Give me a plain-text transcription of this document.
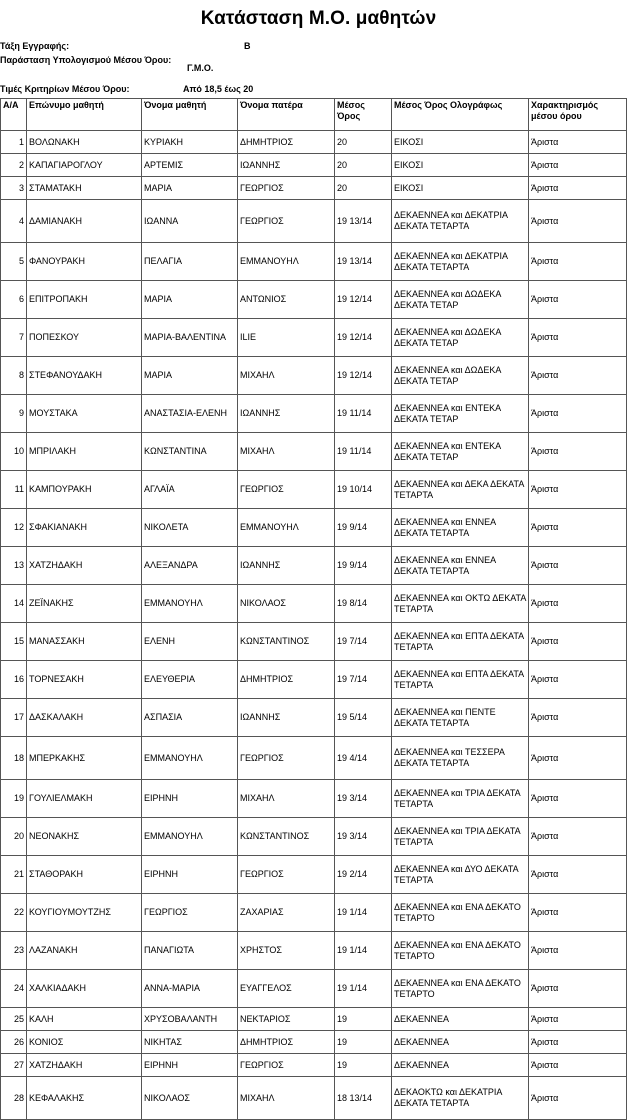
Κατάσταση Μ.Ο. μαθητών
Τάξη Εγγραφής:	Β
Παράσταση Υπολογισμού Μέσου Όρου:
Γ.Μ.Ο.
Τιμές Κριτηρίων Μέσου Όρου:	Από 18,5 έως 20
Α/Α	Επώνυμο μαθητή	Όνομα μαθητή	Όνομα πατέρα	Μέσος Όρος	Μέσος Όρος Ολογράφως	Χαρακτηρισμός μέσου όρου
1	ΒΟΛΩΝΑΚΗ	ΚΥΡΙΑΚΗ	ΔΗΜΗΤΡΙΟΣ	20	ΕΙΚΟΣΙ	Άριστα
2	ΚΑΠΑΓΙΑΡΟΓΛΟΥ	ΑΡΤΕΜΙΣ	ΙΩΑΝΝΗΣ	20	ΕΙΚΟΣΙ	Άριστα
3	ΣΤΑΜΑΤΑΚΗ	ΜΑΡΙΑ	ΓΕΩΡΓΙΟΣ	20	ΕΙΚΟΣΙ	Άριστα
4	ΔΑΜΙΑΝΑΚΗ	ΙΩΑΝΝΑ	ΓΕΩΡΓΙΟΣ	19 13/14	ΔΕΚΑΕΝΝΕΑ και ΔΕΚΑΤΡΙΑ ΔΕΚΑΤΑ ΤΕΤΑΡΤΑ	Άριστα
5	ΦΑΝΟΥΡΑΚΗ	ΠΕΛΑΓΙΑ	ΕΜΜΑΝΟΥΗΛ	19 13/14	ΔΕΚΑΕΝΝΕΑ και ΔΕΚΑΤΡΙΑ ΔΕΚΑΤΑ ΤΕΤΑΡΤΑ	Άριστα
6	ΕΠΙΤΡΟΠΑΚΗ	ΜΑΡΙΑ	ΑΝΤΩΝΙΟΣ	19 12/14	ΔΕΚΑΕΝΝΕΑ και ΔΩΔΕΚΑ ΔΕΚΑΤΑ ΤΕΤΑΡ	Άριστα
7	ΠΟΠΕΣΚΟΥ	ΜΑΡΙΑ-ΒΑΛΕΝΤΙΝΑ	ILIE	19 12/14	ΔΕΚΑΕΝΝΕΑ και ΔΩΔΕΚΑ ΔΕΚΑΤΑ ΤΕΤΑΡ	Άριστα
8	ΣΤΕΦΑΝΟΥΔΑΚΗ	ΜΑΡΙΑ	ΜΙΧΑΗΛ	19 12/14	ΔΕΚΑΕΝΝΕΑ και ΔΩΔΕΚΑ ΔΕΚΑΤΑ ΤΕΤΑΡ	Άριστα
9	ΜΟΥΣΤΑΚΑ	ΑΝΑΣΤΑΣΙΑ-ΕΛΕΝΗ	ΙΩΑΝΝΗΣ	19 11/14	ΔΕΚΑΕΝΝΕΑ και ΕΝΤΕΚΑ ΔΕΚΑΤΑ ΤΕΤΑΡ	Άριστα
10	ΜΠΡΙΛΑΚΗ	ΚΩΝΣΤΑΝΤΙΝΑ	ΜΙΧΑΗΛ	19 11/14	ΔΕΚΑΕΝΝΕΑ και ΕΝΤΕΚΑ ΔΕΚΑΤΑ ΤΕΤΑΡ	Άριστα
11	ΚΑΜΠΟΥΡΑΚΗ	ΑΓΛΑΪΑ	ΓΕΩΡΓΙΟΣ	19 10/14	ΔΕΚΑΕΝΝΕΑ και ΔΕΚΑ ΔΕΚΑΤΑ ΤΕΤΑΡΤΑ	Άριστα
12	ΣΦΑΚΙΑΝΑΚΗ	ΝΙΚΟΛΕΤΑ	ΕΜΜΑΝΟΥΗΛ	19 9/14	ΔΕΚΑΕΝΝΕΑ και ΕΝΝΕΑ ΔΕΚΑΤΑ ΤΕΤΑΡΤΑ	Άριστα
13	ΧΑΤΖΗΔΑΚΗ	ΑΛΕΞΑΝΔΡΑ	ΙΩΑΝΝΗΣ	19 9/14	ΔΕΚΑΕΝΝΕΑ και ΕΝΝΕΑ ΔΕΚΑΤΑ ΤΕΤΑΡΤΑ	Άριστα
14	ΖΕΪΝΑΚΗΣ	ΕΜΜΑΝΟΥΗΛ	ΝΙΚΟΛΑΟΣ	19 8/14	ΔΕΚΑΕΝΝΕΑ και ΟΚΤΩ ΔΕΚΑΤΑ ΤΕΤΑΡΤΑ	Άριστα
15	ΜΑΝΑΣΣΑΚΗ	ΕΛΕΝΗ	ΚΩΝΣΤΑΝΤΙΝΟΣ	19 7/14	ΔΕΚΑΕΝΝΕΑ και ΕΠΤΑ ΔΕΚΑΤΑ ΤΕΤΑΡΤΑ	Άριστα
16	ΤΟΡΝΕΣΑΚΗ	ΕΛΕΥΘΕΡΙΑ	ΔΗΜΗΤΡΙΟΣ	19 7/14	ΔΕΚΑΕΝΝΕΑ και ΕΠΤΑ ΔΕΚΑΤΑ ΤΕΤΑΡΤΑ	Άριστα
17	ΔΑΣΚΑΛΑΚΗ	ΑΣΠΑΣΙΑ	ΙΩΑΝΝΗΣ	19 5/14	ΔΕΚΑΕΝΝΕΑ και ΠΕΝΤΕ ΔΕΚΑΤΑ ΤΕΤΑΡΤΑ	Άριστα
18	ΜΠΕΡΚΑΚΗΣ	ΕΜΜΑΝΟΥΗΛ	ΓΕΩΡΓΙΟΣ	19 4/14	ΔΕΚΑΕΝΝΕΑ και ΤΕΣΣΕΡΑ ΔΕΚΑΤΑ ΤΕΤΑΡΤΑ	Άριστα
19	ΓΟΥΛΙΕΛΜΑΚΗ	ΕΙΡΗΝΗ	ΜΙΧΑΗΛ	19 3/14	ΔΕΚΑΕΝΝΕΑ και ΤΡΙΑ ΔΕΚΑΤΑ ΤΕΤΑΡΤΑ	Άριστα
20	ΝΕΟΝΑΚΗΣ	ΕΜΜΑΝΟΥΗΛ	ΚΩΝΣΤΑΝΤΙΝΟΣ	19 3/14	ΔΕΚΑΕΝΝΕΑ και ΤΡΙΑ ΔΕΚΑΤΑ ΤΕΤΑΡΤΑ	Άριστα
21	ΣΤΑΘΟΡΑΚΗ	ΕΙΡΗΝΗ	ΓΕΩΡΓΙΟΣ	19 2/14	ΔΕΚΑΕΝΝΕΑ και ΔΥΟ ΔΕΚΑΤΑ ΤΕΤΑΡΤΑ	Άριστα
22	ΚΟΥΓΙΟΥΜΟΥΤΖΗΣ	ΓΕΩΡΓΙΟΣ	ΖΑΧΑΡΙΑΣ	19 1/14	ΔΕΚΑΕΝΝΕΑ και ΕΝΑ ΔΕΚΑΤΟ ΤΕΤΑΡΤΟ	Άριστα
23	ΛΑΖΑΝΑΚΗ	ΠΑΝΑΓΙΩΤΑ	ΧΡΗΣΤΟΣ	19 1/14	ΔΕΚΑΕΝΝΕΑ και ΕΝΑ ΔΕΚΑΤΟ ΤΕΤΑΡΤΟ	Άριστα
24	ΧΑΛΚΙΑΔΑΚΗ	ΑΝΝΑ-ΜΑΡΙΑ	ΕΥΑΓΓΕΛΟΣ	19 1/14	ΔΕΚΑΕΝΝΕΑ και ΕΝΑ ΔΕΚΑΤΟ ΤΕΤΑΡΤΟ	Άριστα
25	ΚΑΛΗ	ΧΡΥΣΟΒΑΛΑΝΤΗ	ΝΕΚΤΑΡΙΟΣ	19	ΔΕΚΑΕΝΝΕΑ	Άριστα
26	ΚΟΝΙΟΣ	ΝΙΚΗΤΑΣ	ΔΗΜΗΤΡΙΟΣ	19	ΔΕΚΑΕΝΝΕΑ	Άριστα
27	ΧΑΤΖΗΔΑΚΗ	ΕΙΡΗΝΗ	ΓΕΩΡΓΙΟΣ	19	ΔΕΚΑΕΝΝΕΑ	Άριστα
28	ΚΕΦΑΛΑΚΗΣ	ΝΙΚΟΛΑΟΣ	ΜΙΧΑΗΛ	18 13/14	ΔΕΚΑΟΚΤΩ και ΔΕΚΑΤΡΙΑ ΔΕΚΑΤΑ ΤΕΤΑΡΤΑ	Άριστα
